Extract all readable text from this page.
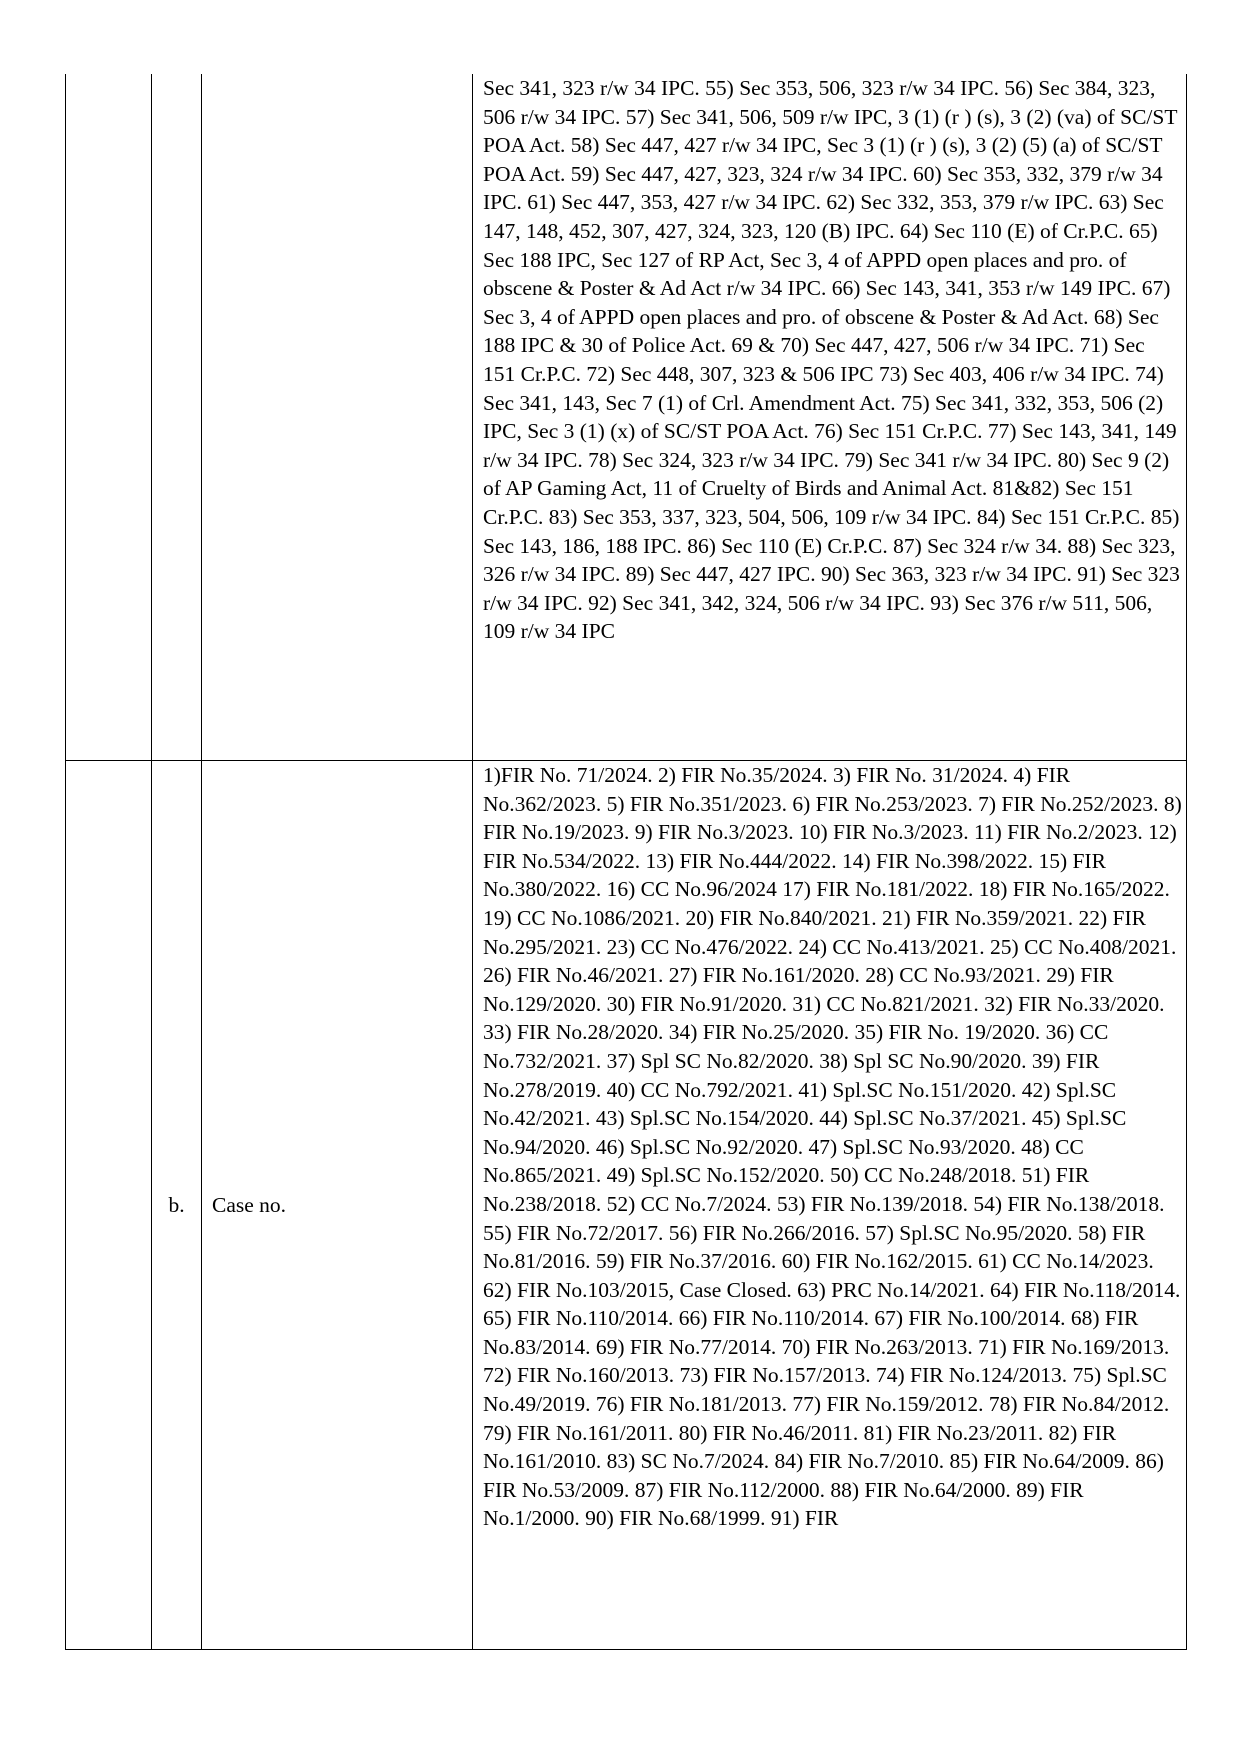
			Sec 341, 323 r/w 34 IPC. 55) Sec 353, 506, 323 r/w 34 IPC. 56) Sec 384, 323, 506 r/w 34 IPC. 57) Sec 341, 506, 509 r/w IPC, 3 (1) (r ) (s), 3 (2) (va) of SC/ST POA Act. 58) Sec 447, 427 r/w 34 IPC, Sec 3 (1) (r ) (s), 3 (2) (5) (a) of SC/ST POA Act. 59) Sec 447, 427, 323, 324 r/w 34 IPC. 60) Sec 353, 332, 379 r/w 34 IPC. 61) Sec 447, 353, 427 r/w 34 IPC. 62) Sec 332, 353, 379 r/w IPC. 63) Sec 147, 148, 452, 307, 427, 324, 323, 120 (B) IPC. 64) Sec 110 (E) of Cr.P.C. 65) Sec 188 IPC, Sec 127 of RP Act, Sec 3, 4 of APPD open places and pro. of obscene & Poster & Ad Act r/w 34 IPC. 66) Sec 143, 341, 353 r/w 149 IPC. 67) Sec 3, 4 of APPD open places and pro. of obscene & Poster & Ad Act. 68) Sec 188 IPC & 30 of Police Act. 69 & 70) Sec 447, 427, 506 r/w 34 IPC. 71) Sec 151 Cr.P.C. 72) Sec 448, 307, 323 & 506 IPC 73) Sec 403, 406 r/w 34 IPC. 74) Sec 341, 143, Sec 7 (1) of Crl. Amendment Act. 75) Sec 341, 332, 353, 506 (2) IPC, Sec 3 (1) (x) of SC/ST POA Act. 76) Sec 151 Cr.P.C. 77) Sec 143, 341, 149 r/w 34 IPC. 78) Sec 324, 323 r/w 34 IPC. 79) Sec 341 r/w 34 IPC. 80) Sec 9 (2) of AP Gaming Act, 11 of Cruelty of Birds and Animal Act. 81&82) Sec 151 Cr.P.C. 83) Sec 353, 337, 323, 504, 506, 109 r/w 34 IPC. 84) Sec 151 Cr.P.C. 85) Sec 143, 186, 188 IPC. 86) Sec 110 (E) Cr.P.C. 87) Sec 324 r/w 34. 88) Sec 323, 326 r/w 34 IPC. 89) Sec 447, 427 IPC. 90) Sec 363, 323 r/w 34 IPC. 91) Sec 323 r/w 34 IPC. 92) Sec 341, 342, 324, 506 r/w 34 IPC. 93) Sec 376 r/w 511, 506, 109 r/w 34 IPC
	b.	Case no.	1)FIR No. 71/2024. 2) FIR No.35/2024. 3) FIR No. 31/2024. 4) FIR No.362/2023. 5) FIR No.351/2023. 6) FIR No.253/2023. 7) FIR No.252/2023. 8) FIR No.19/2023. 9) FIR No.3/2023. 10) FIR No.3/2023. 11) FIR No.2/2023. 12) FIR No.534/2022. 13) FIR No.444/2022. 14) FIR No.398/2022. 15) FIR No.380/2022. 16) CC No.96/2024 17) FIR No.181/2022. 18) FIR No.165/2022. 19) CC No.1086/2021. 20) FIR No.840/2021. 21) FIR No.359/2021. 22) FIR No.295/2021. 23) CC No.476/2022. 24) CC No.413/2021. 25) CC No.408/2021. 26) FIR No.46/2021. 27) FIR No.161/2020. 28) CC No.93/2021. 29) FIR No.129/2020. 30) FIR No.91/2020. 31) CC No.821/2021. 32) FIR No.33/2020. 33) FIR No.28/2020. 34) FIR No.25/2020. 35) FIR No. 19/2020. 36) CC No.732/2021. 37) Spl SC No.82/2020. 38) Spl SC No.90/2020. 39) FIR No.278/2019. 40) CC No.792/2021. 41) Spl.SC No.151/2020. 42) Spl.SC No.42/2021. 43) Spl.SC No.154/2020. 44) Spl.SC No.37/2021. 45) Spl.SC No.94/2020. 46) Spl.SC No.92/2020. 47) Spl.SC No.93/2020. 48) CC No.865/2021. 49) Spl.SC No.152/2020. 50) CC No.248/2018. 51) FIR No.238/2018. 52) CC No.7/2024. 53) FIR No.139/2018. 54) FIR No.138/2018. 55) FIR No.72/2017. 56) FIR No.266/2016. 57) Spl.SC No.95/2020. 58) FIR No.81/2016. 59) FIR No.37/2016. 60) FIR No.162/2015. 61) CC No.14/2023. 62) FIR No.103/2015, Case Closed. 63) PRC No.14/2021. 64) FIR No.118/2014. 65) FIR No.110/2014. 66) FIR No.110/2014. 67) FIR No.100/2014. 68) FIR No.83/2014. 69) FIR No.77/2014. 70) FIR No.263/2013. 71) FIR No.169/2013. 72) FIR No.160/2013. 73) FIR No.157/2013. 74) FIR No.124/2013. 75) Spl.SC No.49/2019. 76) FIR No.181/2013. 77) FIR No.159/2012. 78) FIR No.84/2012. 79) FIR No.161/2011. 80) FIR No.46/2011. 81) FIR No.23/2011. 82) FIR No.161/2010. 83) SC No.7/2024. 84) FIR No.7/2010. 85) FIR No.64/2009. 86) FIR No.53/2009. 87) FIR No.112/2000. 88) FIR No.64/2000. 89) FIR No.1/2000. 90) FIR No.68/1999. 91) FIR
